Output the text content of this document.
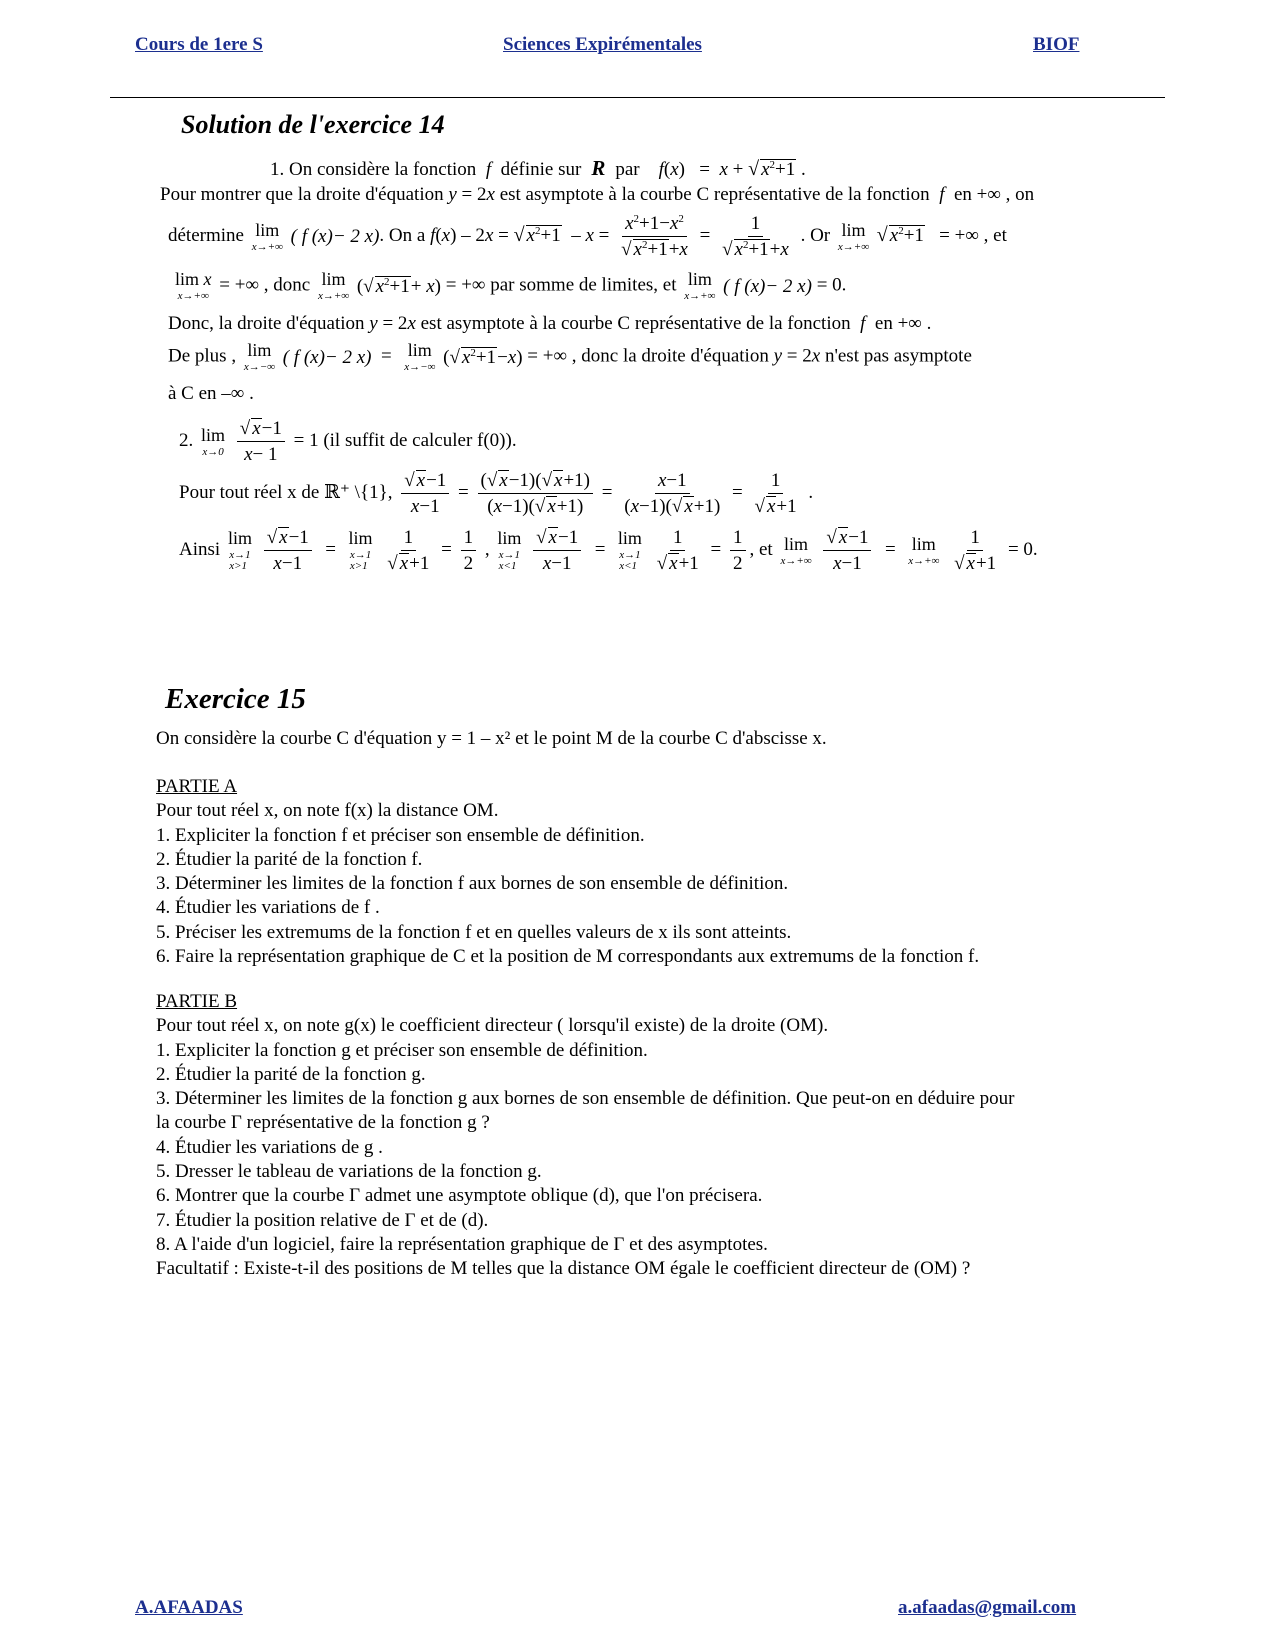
Cours de 1ere S	Sciences Expirémentales	BIOF
Solution de l'exercice 14
1. On considère la fonction  f  définie sur  R  par f(x)   =  x + √ $x^2+1$ .
Pour montrer que la droite d'équation y = 2x est asymptote à la courbe C représentative de la fonction  f  en +∞ , on
détermine lim
x→+∞ ( f (x)− 2 x). On a f(x) – 2x = √ $x^2+1 - x = \frac{x^2+1-x^2}{√ x^2+1+x} = \frac{1}{√ x^2+1+x}$ . Or lim
x→+∞
√ $x^2+1$ = +∞ , et
lim x
x→+∞
= +∞ , donc lim
x→+∞ (√ $x^2+1+ x$) = +∞ par somme de limites, et lim
x→+∞ ( f (x)− 2 x) = 0.
Donc, la droite d'équation y = 2x est asymptote à la courbe C représentative de la fonction  f  en +∞ .
De plus , lim
x→−∞ ( f (x)− 2 x)  = lim
x→−∞ (√ $x^2+1-x$) = +∞ , donc la droite d'équation y = 2x n'est pas asymptote
à C en –∞ .
2. lim
x→0
$\frac{√ x-1}{x- 1} = 1$ (il suffit de calculer f(0)).
Pour tout réel x de ℝ⁺ \{1}, $\frac{√ x-1}{x-1} = \frac{(√ x-1)(√ x+1)}{(x-1)(√ x+1)} = \frac{x-1}{(x-1)(√ x+1)} = \frac{1}{√ x+1}$ .
Ainsi
lim
x→1
x>1
$\frac{√ x-1}{x-1}$ =
lim
x→1
x>1
$\frac{1}{√ x+1} = \frac{1}{2}$ ,
lim
x→1
x<1
$\frac{√ x-1}{x-1}$ =
lim
x→1
x<1
$\frac{1}{√ x+1} = \frac{1}{2}$ , et lim
x→+∞
$\frac{√ x-1}{x-1} = \lim$
x→+∞
$\frac{1}{√ x+1} = 0$.
Exercice 15
On considère la courbe C d'équation y = 1 – x² et le point M de la courbe C d'abscisse x.
PARTIE A
Pour tout réel x, on note f(x) la distance OM.
1. Expliciter la fonction f et préciser son ensemble de définition.
2. Étudier la parité de la fonction f.
3. Déterminer les limites de la fonction f aux bornes de son ensemble de définition.
4. Étudier les variations de f .
5. Préciser les extremums de la fonction f et en quelles valeurs de x ils sont atteints.
6. Faire la représentation graphique de C et la position de M correspondants aux extremums de la fonction f.
PARTIE B
Pour tout réel x, on note g(x) le coefficient directeur ( lorsqu'il existe) de la droite (OM).
1. Expliciter la fonction g et préciser son ensemble de définition.
2. Étudier la parité de la fonction g.
3. Déterminer les limites de la fonction g aux bornes de son ensemble de définition. Que peut-on en déduire pour
la courbe Γ représentative de la fonction g ?
4. Étudier les variations de g .
5. Dresser le tableau de variations de la fonction g.
6. Montrer que la courbe Γ admet une asymptote oblique (d), que l'on précisera.
7. Étudier la position relative de Γ et de (d).
8. A l'aide d'un logiciel, faire la représentation graphique de Γ et des asymptotes.
Facultatif : Existe-t-il des positions de M telles que la distance OM égale le coefficient directeur de (OM) ?
A.AFAADAS	a.afaadas@gmail.com
